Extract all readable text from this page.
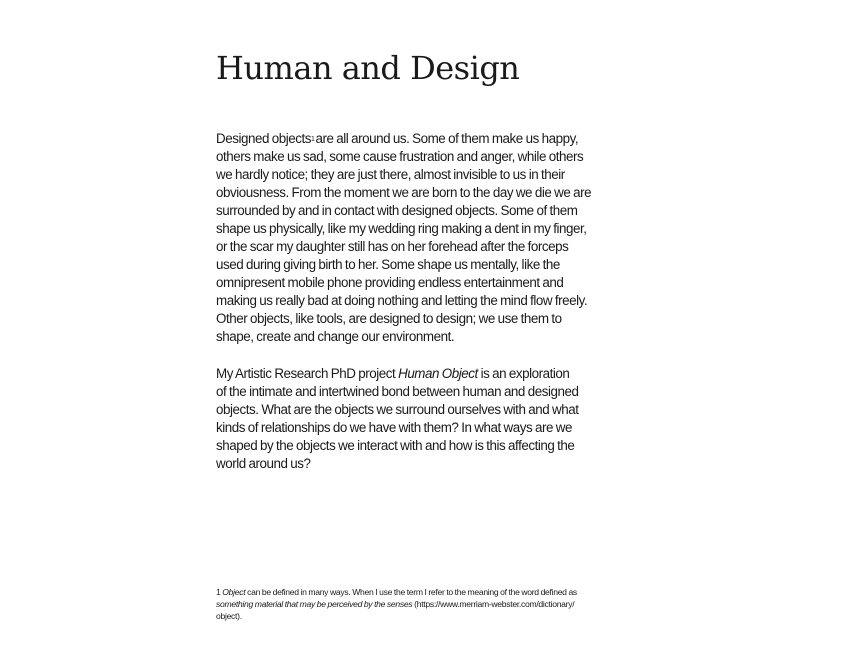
Human and Design
Designed objects$^1$are all around us. Some of them make us happy,
others make us sad, some cause frustration and anger, while others
we hardly notice; they are just there, almost invisible to us in their
obviousness. From the moment we are born to the day we die we are
surrounded by and in contact with designed objects. Some of them
shape us physically, like my wedding ring making a dent in my finger,
or the scar my daughter still has on her forehead after the forceps
used during giving birth to her. Some shape us mentally, like the
omnipresent mobile phone providing endless entertainment and
making us really bad at doing nothing and letting the mind flow freely.
Other objects, like tools, are designed to design; we use them to
shape, create and change our environment.
My Artistic Research PhD project Human Object is an exploration
of the intimate and intertwined bond between human and designed
objects. What are the objects we surround ourselves with and what
kinds of relationships do we have with them? In what ways are we
shaped by the objects we interact with and how is this affecting the
world around us?
1 Object can be defined in many ways. When I use the term I refer to the meaning of the word defined as
something material that may be perceived by the senses (https://www.merriam-webster.com/dictionary/
object).
